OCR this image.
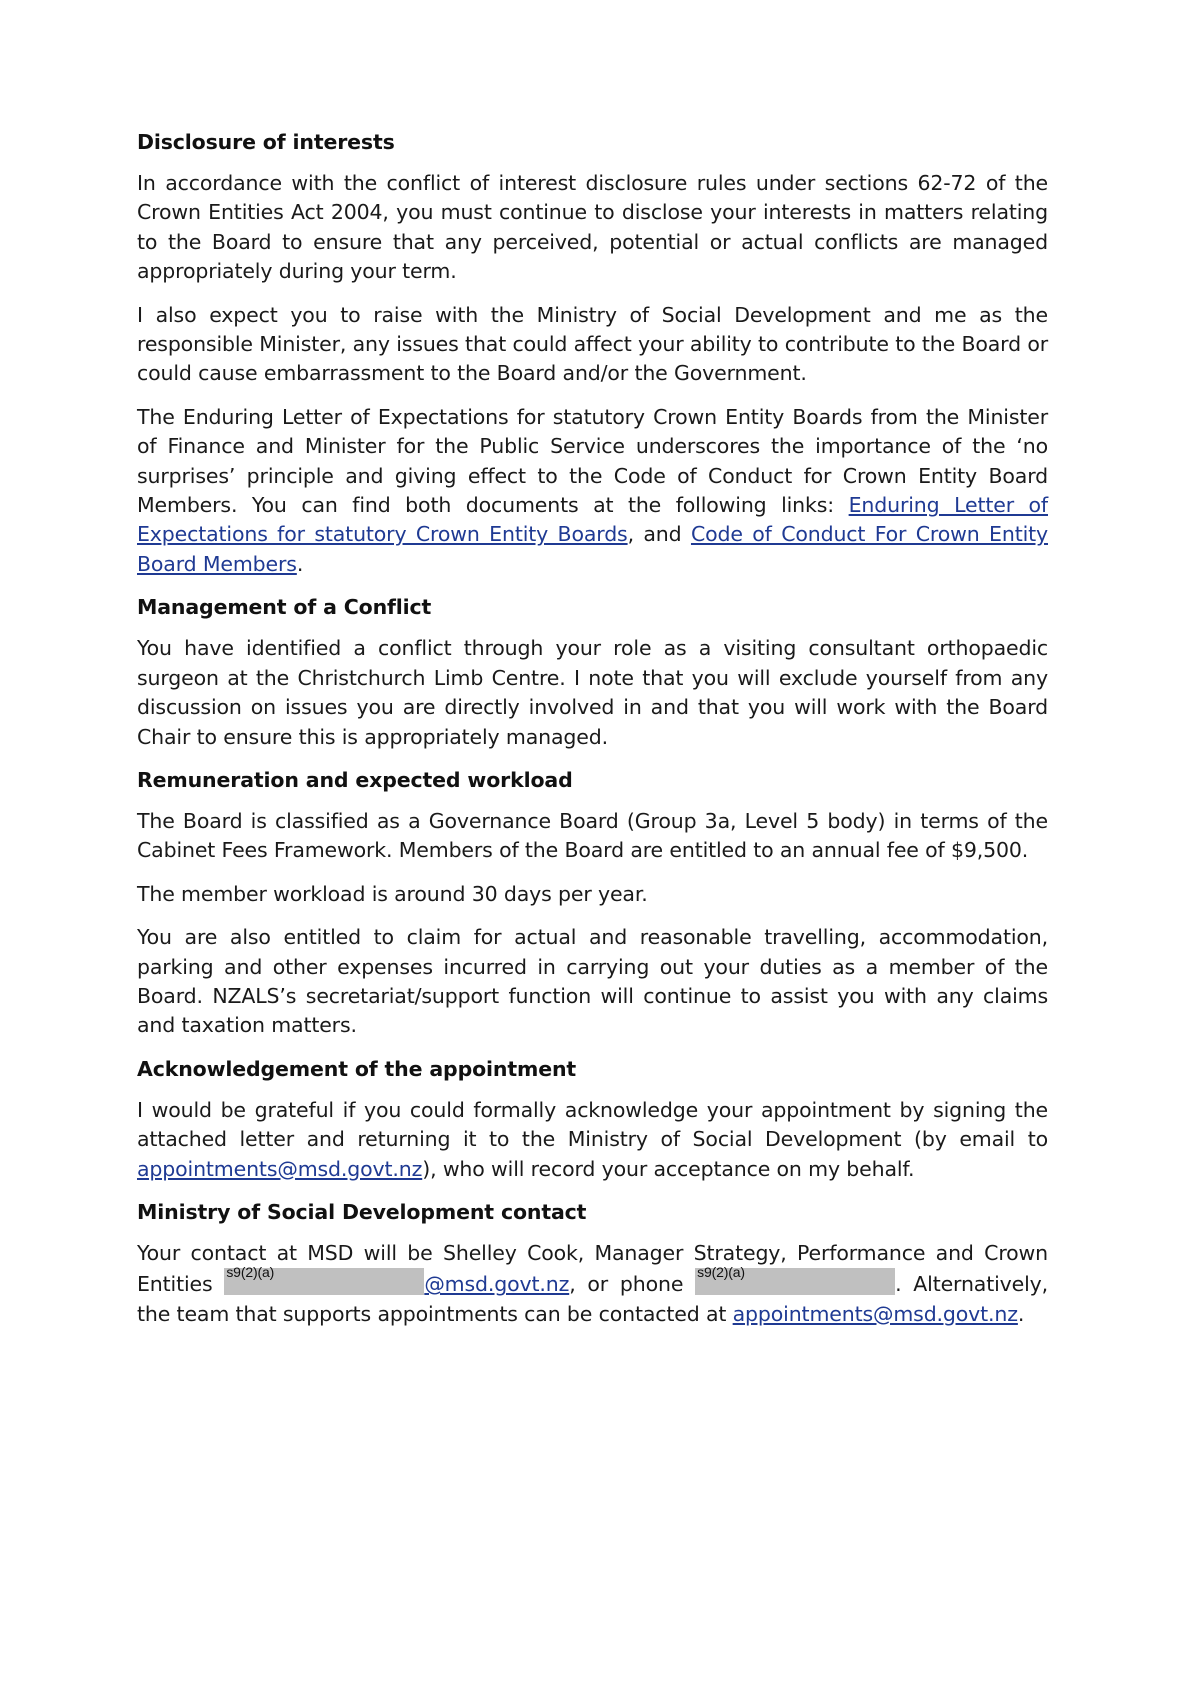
Disclosure of interests

In accordance with the conflict of interest disclosure rules under sections 62-72 of the Crown Entities Act 2004, you must continue to disclose your interests in matters relating to the Board to ensure that any perceived, potential or actual conflicts are managed appropriately during your term.

I also expect you to raise with the Ministry of Social Development and me as the responsible Minister, any issues that could affect your ability to contribute to the Board or could cause embarrassment to the Board and/or the Government.

The Enduring Letter of Expectations for statutory Crown Entity Boards from the Minister of Finance and Minister for the Public Service underscores the importance of the ‘no surprises’ principle and giving effect to the Code of Conduct for Crown Entity Board Members. You can find both documents at the following links: Enduring Letter of Expectations for statutory Crown Entity Boards, and Code of Conduct For Crown Entity Board Members.

Management of a Conflict

You have identified a conflict through your role as a visiting consultant orthopaedic surgeon at the Christchurch Limb Centre. I note that you will exclude yourself from any discussion on issues you are directly involved in and that you will work with the Board Chair to ensure this is appropriately managed.

Remuneration and expected workload

The Board is classified as a Governance Board (Group 3a, Level 5 body) in terms of the Cabinet Fees Framework. Members of the Board are entitled to an annual fee of $9,500.

The member workload is around 30 days per year.

You are also entitled to claim for actual and reasonable travelling, accommodation, parking and other expenses incurred in carrying out your duties as a member of the Board. NZALS’s secretariat/support function will continue to assist you with any claims and taxation matters.

Acknowledgement of the appointment

I would be grateful if you could formally acknowledge your appointment by signing the attached letter and returning it to the Ministry of Social Development (by email to appointments@msd.govt.nz), who will record your acceptance on my behalf.

Ministry of Social Development contact

Your contact at MSD will be Shelley Cook, Manager Strategy, Performance and Crown Entities s9(2)(a)	@msd.govt.nz, or phone s9(2)(a)	. Alternatively, the team that supports appointments can be contacted at appointments@msd.govt.nz.
